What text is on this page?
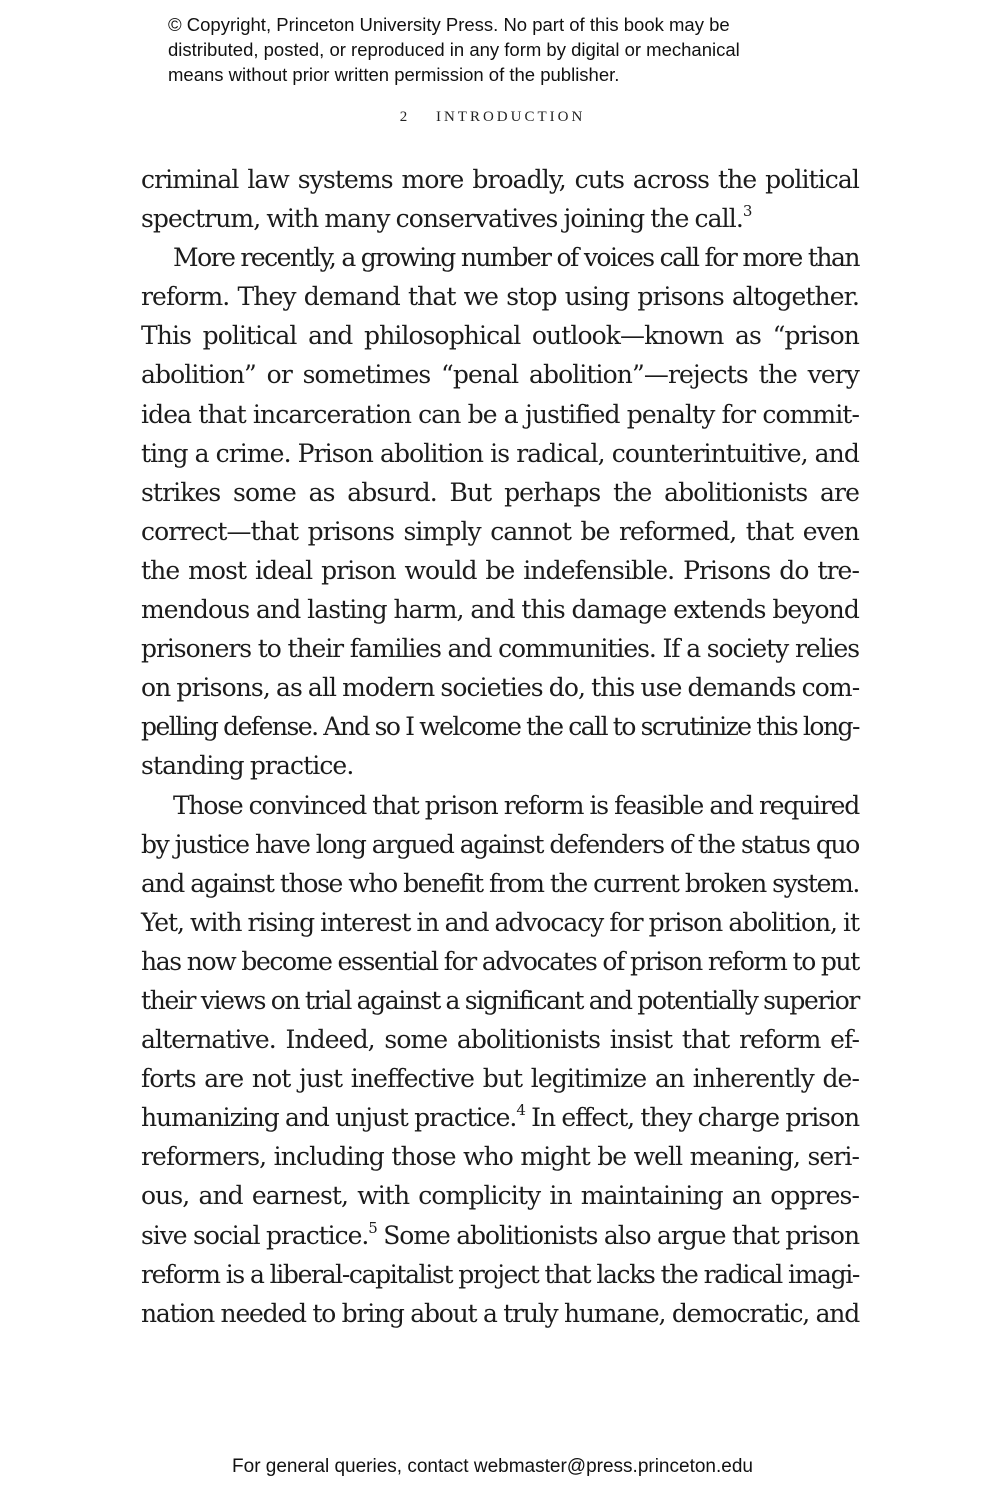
© Copyright, Princeton University Press. No part of this book may be
distributed, posted, or reproduced in any form by digital or mechanical
means without prior written permission of the publisher.
2 INTRODUCTION
criminal law systems more broadly, cuts across the political
spectrum, with many conservatives joining the call.$^3$
More recently, a growing number of voices call for more than
reform. They demand that we stop using prisons altogether.
This political and philosophical outlook—known as “prison
abolition” or sometimes “penal abolition”—rejects the very
idea that incarceration can be a justified penalty for commit-
ting a crime. Prison abolition is radical, counterintuitive, and
strikes some as absurd. But perhaps the abolitionists are
correct—that prisons simply cannot be reformed, that even
the most ideal prison would be indefensible. Prisons do tre-
mendous and lasting harm, and this damage extends beyond
prisoners to their families and communities. If a society relies
on prisons, as all modern societies do, this use demands com-
pelling defense. And so I welcome the call to scrutinize this long-
standing practice.
Those convinced that prison reform is feasible and required
by justice have long argued against defenders of the status quo
and against those who benefit from the current broken system.
Yet, with rising interest in and advocacy for prison abolition, it
has now become essential for advocates of prison reform to put
their views on trial against a significant and potentially superior
alternative. Indeed, some abolitionists insist that reform ef-
forts are not just ineffective but legitimize an inherently de-
humanizing and unjust practice.$^4$ In effect, they charge prison
reformers, including those who might be well meaning, seri-
ous, and earnest, with complicity in maintaining an oppres-
sive social practice.$^5$ Some abolitionists also argue that prison
reform is a liberal-capitalist project that lacks the radical imagi-
nation needed to bring about a truly humane, democratic, and
For general queries, contact webmaster@press.princeton.edu
